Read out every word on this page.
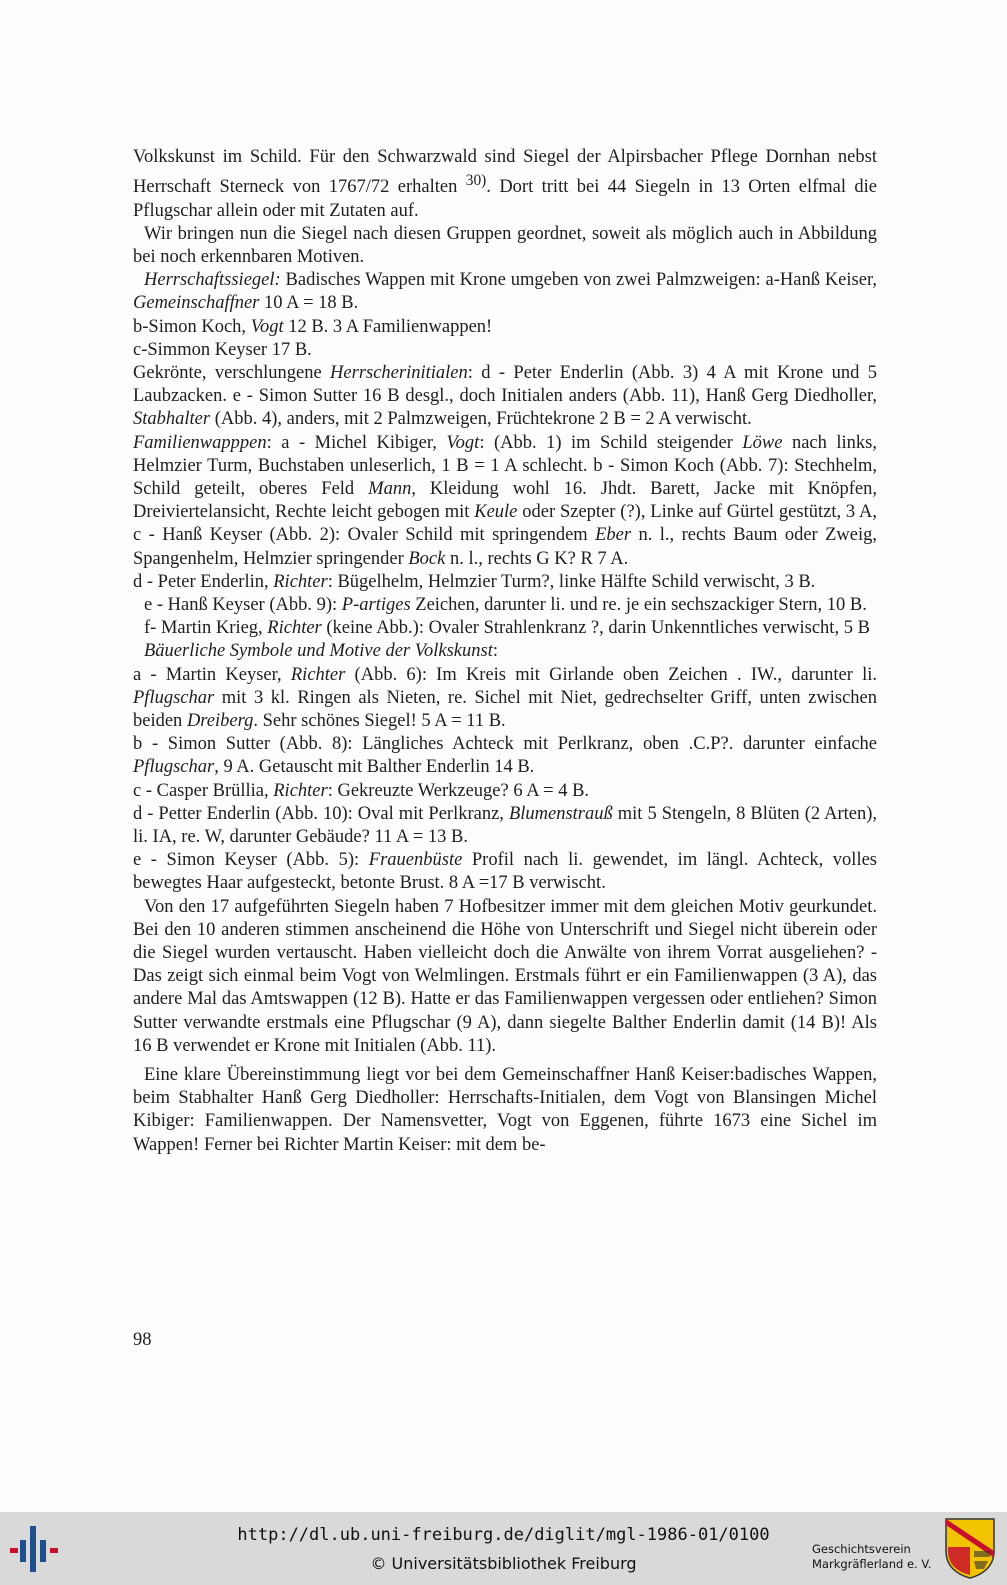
Volkskunst im Schild. Für den Schwarzwald sind Siegel der Alpirsbacher Pflege Dornhan nebst Herrschaft Sterneck von 1767/72 erhalten $^{30)}$. Dort tritt bei 44 Siegeln in 13 Orten elfmal die Pflugschar allein oder mit Zutaten auf.

Wir bringen nun die Siegel nach diesen Gruppen geordnet, soweit als möglich auch in Abbildung bei noch erkennbaren Motiven.

Herrschaftssiegel: Badisches Wappen mit Krone umgeben von zwei Palmzweigen: a-Hanß Keiser, Gemeinschaffner 10 A = 18 B.

b-Simon Koch, Vogt 12 B. 3 A Familienwappen!

c-Simmon Keyser 17 B.

Gekrönte, verschlungene Herrscherinitialen: d - Peter Enderlin (Abb. 3) 4 A mit Krone und 5 Laubzacken. e - Simon Sutter 16 B desgl., doch Initialen anders (Abb. 11), Hanß Gerg Diedholler, Stabhalter (Abb. 4), anders, mit 2 Palmzweigen, Früchtekrone 2 B = 2 A verwischt.

Familienwapppen: a - Michel Kibiger, Vogt: (Abb. 1) im Schild steigender Löwe nach links, Helmzier Turm, Buchstaben unleserlich, 1 B = 1 A schlecht. b - Simon Koch (Abb. 7): Stechhelm, Schild geteilt, oberes Feld Mann, Kleidung wohl 16. Jhdt. Barett, Jacke mit Knöpfen, Dreiviertelansicht, Rechte leicht gebogen mit Keule oder Szepter (?), Linke auf Gürtel gestützt, 3 A, c - Hanß Keyser (Abb. 2): Ovaler Schild mit springendem Eber n. l., rechts Baum oder Zweig, Spangenhelm, Helmzier springender Bock n. l., rechts G K? R 7 A.

d - Peter Enderlin, Richter: Bügelhelm, Helmzier Turm?, linke Hälfte Schild verwischt, 3 B.

e - Hanß Keyser (Abb. 9): P-artiges Zeichen, darunter li. und re. je ein sechszackiger Stern, 10 B.

f- Martin Krieg, Richter (keine Abb.): Ovaler Strahlenkranz ?, darin Unkenntliches verwischt, 5 B

Bäuerliche Symbole und Motive der Volkskunst:

a - Martin Keyser, Richter (Abb. 6): Im Kreis mit Girlande oben Zeichen . IW., darunter li. Pflugschar mit 3 kl. Ringen als Nieten, re. Sichel mit Niet, gedrechselter Griff, unten zwischen beiden Dreiberg. Sehr schönes Siegel! 5 A = 11 B.

b - Simon Sutter (Abb. 8): Längliches Achteck mit Perlkranz, oben .C.P?. darunter einfache Pflugschar, 9 A. Getauscht mit Balther Enderlin 14 B.

c - Casper Brüllia, Richter: Gekreuzte Werkzeuge? 6 A = 4 B.

d - Petter Enderlin (Abb. 10): Oval mit Perlkranz, Blumenstrauß mit 5 Stengeln, 8 Blüten (2 Arten), li. IA, re. W, darunter Gebäude? 11 A = 13 B.

e - Simon Keyser (Abb. 5): Frauenbüste Profil nach li. gewendet, im längl. Achteck, volles bewegtes Haar aufgesteckt, betonte Brust. 8 A =17 B verwischt.

Von den 17 aufgeführten Siegeln haben 7 Hofbesitzer immer mit dem gleichen Motiv geurkundet. Bei den 10 anderen stimmen anscheinend die Höhe von Unterschrift und Siegel nicht überein oder die Siegel wurden vertauscht. Haben vielleicht doch die Anwälte von ihrem Vorrat ausgeliehen? - Das zeigt sich einmal beim Vogt von Welmlingen. Erstmals führt er ein Familienwappen (3 A), das andere Mal das Amtswappen (12 B). Hatte er das Familienwappen vergessen oder entliehen? Simon Sutter verwandte erstmals eine Pflugschar (9 A), dann siegelte Balther Enderlin damit (14 B)! Als 16 B verwendet er Krone mit Initialen (Abb. 11).

Eine klare Übereinstimmung liegt vor bei dem Gemeinschaffner Hanß Keiser:badisches Wappen, beim Stabhalter Hanß Gerg Diedholler: Herrschafts-Initialen, dem Vogt von Blansingen Michel Kibiger: Familienwappen. Der Namensvetter, Vogt von Eggenen, führte 1673 eine Sichel im Wappen! Ferner bei Richter Martin Keiser: mit dem be-

98
http://dl.ub.uni-freiburg.de/diglit/mgl-1986-01/0100
© Universitätsbibliothek Freiburg
Geschichtsverein
Markgräflerland e. V.
